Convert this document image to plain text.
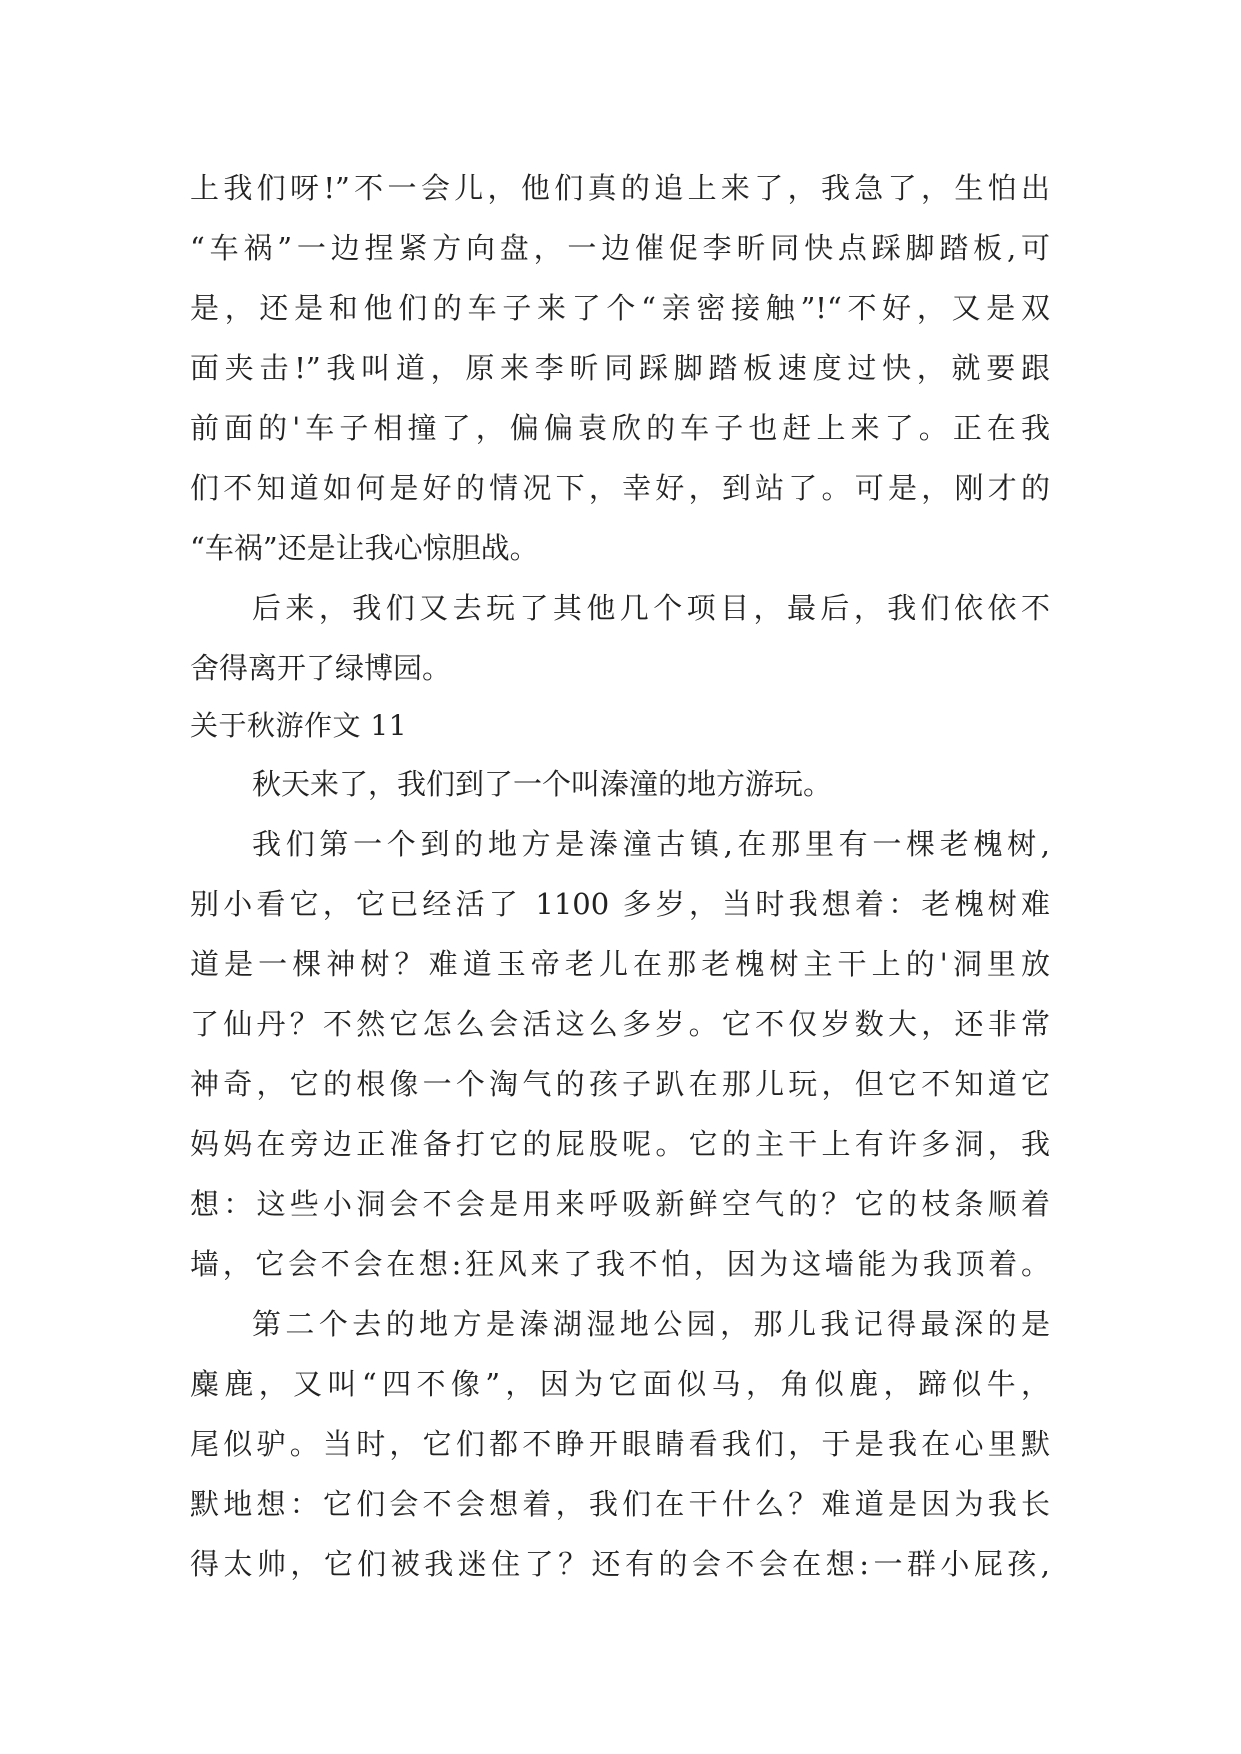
上我们呀!”不一会儿，他们真的追上来了，我急了，生怕出
“车祸”一边捏紧方向盘，一边催促李昕同快点踩脚踏板,可
是，还是和他们的车子来了个“亲密接触”!“不好，又是双
面夹击!”我叫道，原来李昕同踩脚踏板速度过快，就要跟
前面的'车子相撞了，偏偏袁欣的车子也赶上来了。正在我
们不知道如何是好的情况下，幸好，到站了。可是，刚才的
“车祸”还是让我心惊胆战。
后来，我们又去玩了其他几个项目，最后，我们依依不
舍得离开了绿博园。
关于秋游作文 11
秋天来了，我们到了一个叫溱潼的地方游玩。
我们第一个到的地方是溱潼古镇,在那里有一棵老槐树,
别小看它，它已经活了 1100 多岁，当时我想着：老槐树难
道是一棵神树？难道玉帝老儿在那老槐树主干上的'洞里放
了仙丹？不然它怎么会活这么多岁。它不仅岁数大，还非常
神奇，它的根像一个淘气的孩子趴在那儿玩，但它不知道它
妈妈在旁边正准备打它的屁股呢。它的主干上有许多洞，我
想：这些小洞会不会是用来呼吸新鲜空气的？它的枝条顺着
墙，它会不会在想:狂风来了我不怕，因为这墙能为我顶着。
第二个去的地方是溱湖湿地公园，那儿我记得最深的是
麋鹿，又叫“四不像”，因为它面似马，角似鹿，蹄似牛，
尾似驴。当时，它们都不睁开眼睛看我们，于是我在心里默
默地想：它们会不会想着，我们在干什么？难道是因为我长
得太帅，它们被我迷住了？还有的会不会在想:一群小屁孩,
